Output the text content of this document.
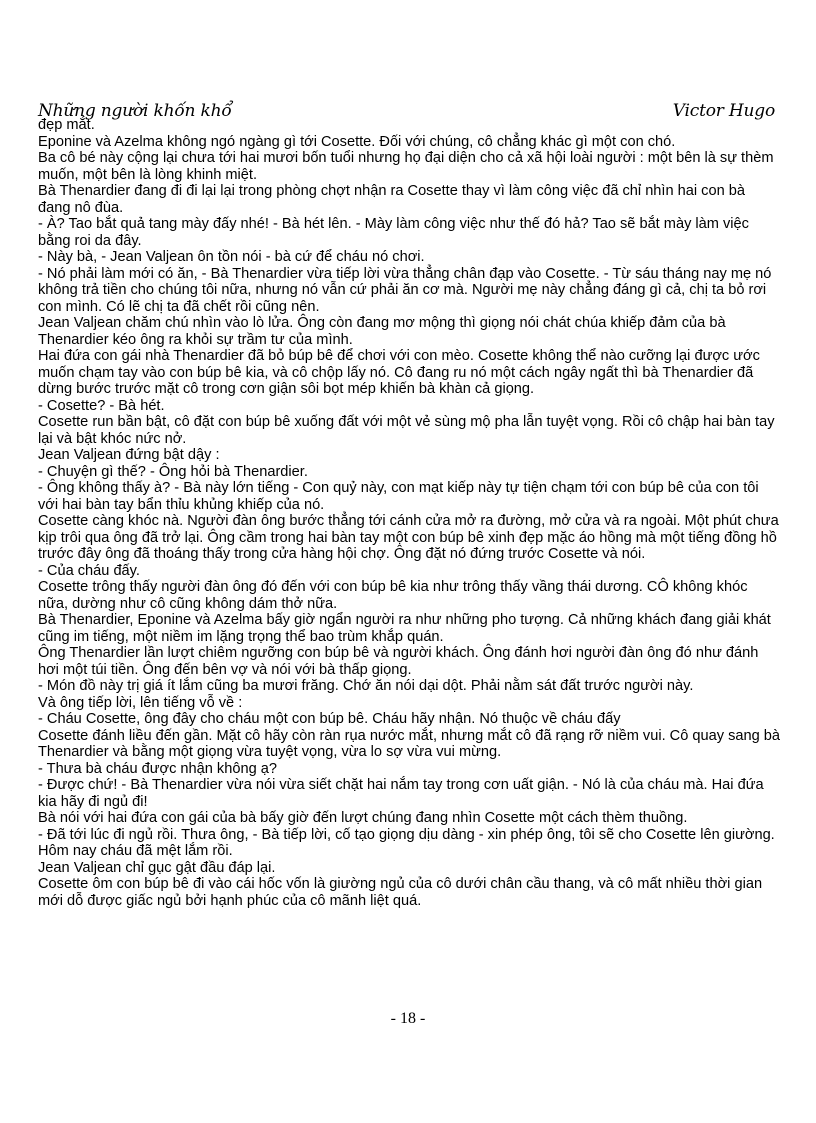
Những người khốn khổ	Victor Hugo

đẹp mắt.

Eponine và Azelma không ngó ngàng gì tới Cosette. Đối với chúng, cô chẳng khác gì một con chó.

Ba cô bé này cộng lại chưa tới hai mươi bốn tuổi nhưng họ đại diện cho cả xã hội loài người : một bên là sự thèm muốn, một bên là lòng khinh miệt.

Bà Thenardier đang đi đi lại lại trong phòng chợt nhận ra Cosette thay vì làm công việc đã chỉ nhìn hai con bà đang nô đùa.

- À? Tao bắt quả tang mày đấy nhé! - Bà hét lên. - Mày làm công việc như thế đó hả? Tao sẽ bắt mày làm việc bằng roi da đây.

- Này bà, - Jean Valjean ôn tồn nói - bà cứ để cháu nó chơi.

- Nó phải làm mới có ăn, - Bà Thenardier vừa tiếp lời vừa thẳng chân đạp vào Cosette. - Từ sáu tháng nay mẹ nó không trả tiền cho chúng tôi nữa, nhưng nó vẫn cứ phải ăn cơ mà. Người mẹ này chẳng đáng gì cả, chị ta bỏ rơi con mình. Có lẽ chị ta đã chết rồi cũng nên.

Jean Valjean chăm chú nhìn vào lò lửa. Ông còn đang mơ mộng thì giọng nói chát chúa khiếp đảm của bà Thenardier kéo ông ra khỏi sự trầm tư của mình.

Hai đứa con gái nhà Thenardier đã bỏ búp bê để chơi với con mèo. Cosette không thể nào cưỡng lại được ước muốn chạm tay vào con búp bê kia, và cô chộp lấy nó. Cô đang ru nó một cách ngây ngất thì bà Thenardier đã dừng bước trước mặt cô trong cơn giận sôi bọt mép khiến bà khàn cả giọng.

- Cosette? - Bà hét.

Cosette run bần bật, cô đặt con búp bê xuống đất với một vẻ sùng mộ pha lẫn tuyệt vọng. Rồi cô chập hai bàn tay lại và bật khóc nức nở.

Jean Valjean đứng bật dậy :

- Chuyện gì thế? - Ông hỏi bà Thenardier.

- Ông không thấy à? - Bà này lớn tiếng - Con quỷ này, con mạt kiếp này tự tiện chạm tới con búp bê của con tôi với hai bàn tay bẩn thỉu khủng khiếp của nó.

Cosette càng khóc nà. Người đàn ông bước thẳng tới cánh cửa mở ra đường, mở cửa và ra ngoài. Một phút chưa kịp trôi qua ông đã trở lại. Ông cầm trong hai bàn tay một con búp bê xinh đẹp mặc áo hồng mà một tiếng đồng hồ trước đây ông đã thoáng thấy trong cửa hàng hội chợ. Ông đặt nó đứng trước Cosette và nói.

- Của cháu đấy.

Cosette trông thấy người đàn ông đó đến với con búp bê kia như trông thấy vầng thái dương. CÔ không khóc nữa, dường như cô cũng không dám thở nữa.

Bà Thenardier, Eponine và Azelma bấy giờ ngẩn người ra như những pho tượng. Cả những khách đang giải khát cũng im tiếng, một niềm im lặng trọng thể bao trùm khắp quán.

Ông Thenardier lần lượt chiêm ngưỡng con búp bê và người khách. Ông đánh hơi người đàn ông đó như đánh hơi một túi tiền. Ông đến bên vợ và nói với bà thấp giọng.

- Món đồ này trị giá ít lắm cũng ba mươi frăng. Chớ ăn nói dại dột. Phải nằm sát đất trước người này.

Và ông tiếp lời, lên tiếng vỗ về :

- Cháu Cosette, ông đây cho cháu một con búp bê. Cháu hãy nhận. Nó thuộc về cháu đấy

Cosette đánh liều đến gần. Mặt cô hãy còn ràn rụa nước mắt, nhưng mắt cô đã rạng rỡ niềm vui. Cô quay sang bà Thenardier và bằng một giọng vừa tuyệt vọng, vừa lo sợ vừa vui mừng.

- Thưa bà cháu được nhận không ạ?

- Được chứ! - Bà Thenardier vừa nói vừa siết chặt hai nắm tay trong cơn uất giận. - Nó là của cháu mà. Hai đứa kia hãy đi ngủ đi!

Bà nói với hai đứa con gái của bà bấy giờ đến lượt chúng đang nhìn Cosette một cách thèm thuồng.

- Đã tới lúc đi ngủ rồi. Thưa ông, - Bà tiếp lời, cố tạo giọng dịu dàng - xin phép ông, tôi sẽ cho Cosette lên giường. Hôm nay cháu đã mệt lắm rồi.

Jean Valjean chỉ gục gật đầu đáp lại.

Cosette ôm con búp bê đi vào cái hốc vốn là giường ngủ của cô dưới chân cầu thang, và cô mất nhiều thời gian mới dỗ được giấc ngủ bởi hạnh phúc của cô mãnh liệt quá.

- 18 -
